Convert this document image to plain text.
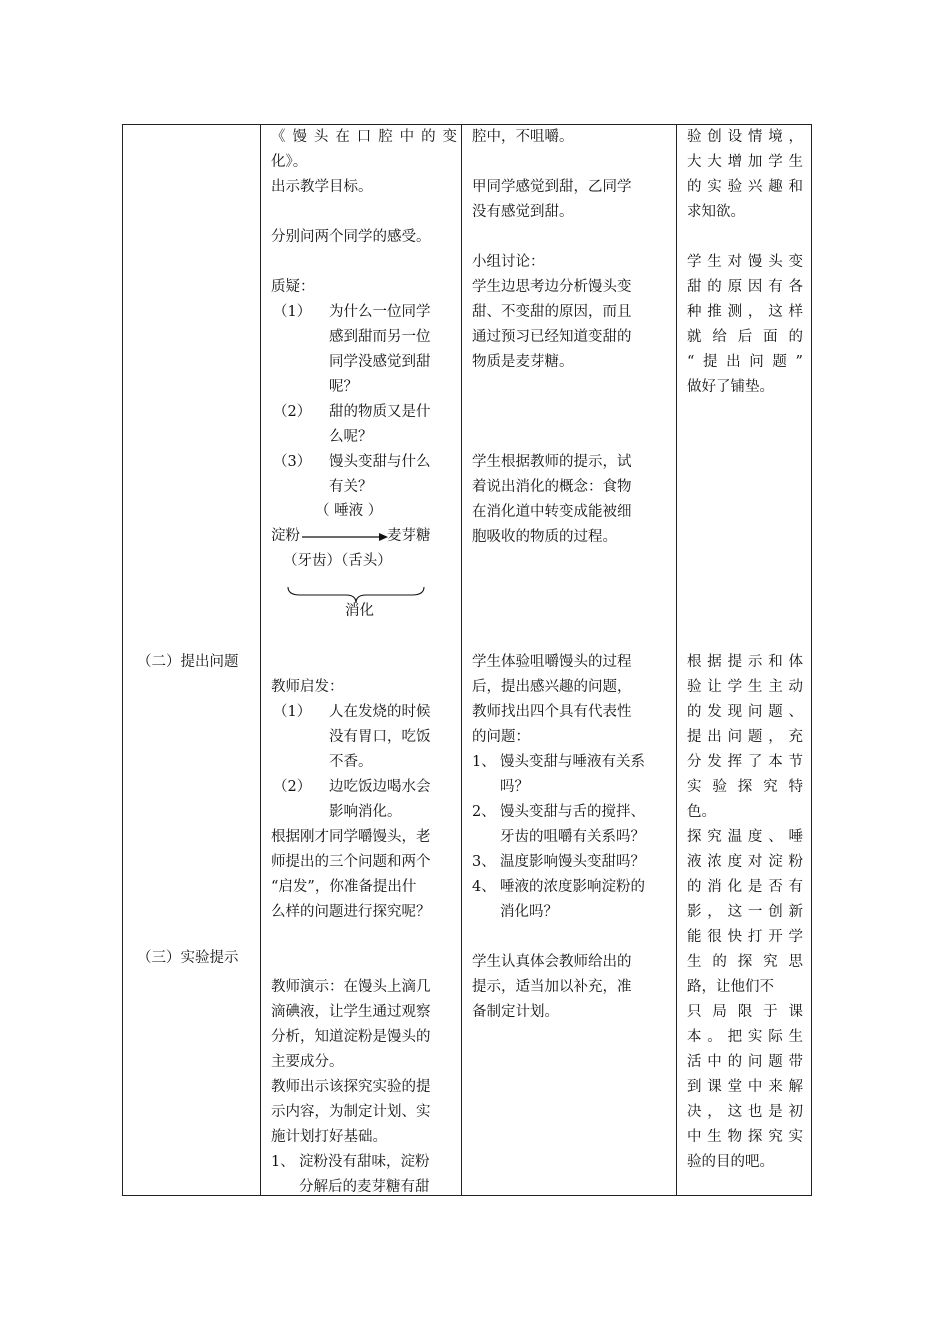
（二）提出问题
（三）实验提示
《 馒 头 在 口 腔 中 的 变
化》。
出示教学目标。
分别问两个同学的感受。
质疑：
（1） 为什么一位同学
感到甜而另一位
同学没感觉到甜
呢？
（2） 甜的物质又是什
么呢？
（3） 馒头变甜与什么
有关？
（ 唾液 ）
淀粉	麦芽糖
（牙齿）（舌头）
消化
教师启发：
（1） 人在发烧的时候
没有胃口，吃饭
不香。
（2） 边吃饭边喝水会
影响消化。
根据刚才同学嚼馒头，老
师提出的三个问题和两个
“启发”，你准备提出什
么样的问题进行探究呢？
教师演示：在馒头上滴几
滴碘液，让学生通过观察
分析，知道淀粉是馒头的
主要成分。
教师出示该探究实验的提
示内容，为制定计划、实
施计划打好基础。
1、 淀粉没有甜味，淀粉
分解后的麦芽糖有甜
腔中，不咀嚼。
甲同学感觉到甜，乙同学
没有感觉到甜。
小组讨论：
学生边思考边分析馒头变
甜、不变甜的原因，而且
通过预习已经知道变甜的
物质是麦芽糖。
学生根据教师的提示，试
着说出消化的概念：食物
在消化道中转变成能被细
胞吸收的物质的过程。
学生体验咀嚼馒头的过程
后，提出感兴趣的问题，
教师找出四个具有代表性
的问题：
1、 馒头变甜与唾液有关系
吗？
2、 馒头变甜与舌的搅拌、
牙齿的咀嚼有关系吗？
3、 温度影响馒头变甜吗？
4、 唾液的浓度影响淀粉的
消化吗？
学生认真体会教师给出的
提示，适当加以补充，准
备制定计划。
验 创 设 情 境 ，
大 大 增 加 学 生
的 实 验 兴 趣 和
求知欲。
学 生 对 馒 头 变
甜 的 原 因 有 各
种 推 测 ， 这 样
就 给 后 面 的
“ 提 出 问 题 ”
做好了铺垫。
根 据 提 示 和 体
验 让 学 生 主 动
的 发 现 问 题 、
提 出 问 题 ， 充
分 发 挥 了 本 节
实 验 探 究 特
色。
探 究 温 度 、 唾
液 浓 度 对 淀 粉
的 消 化 是 否 有
影 ， 这 一 创 新
能 很 快 打 开 学
生 的 探 究 思
路，让他们不
只 局 限 于 课
本 。 把 实 际 生
活 中 的 问 题 带
到 课 堂 中 来 解
决 ， 这 也 是 初
中 生 物 探 究 实
验的目的吧。
